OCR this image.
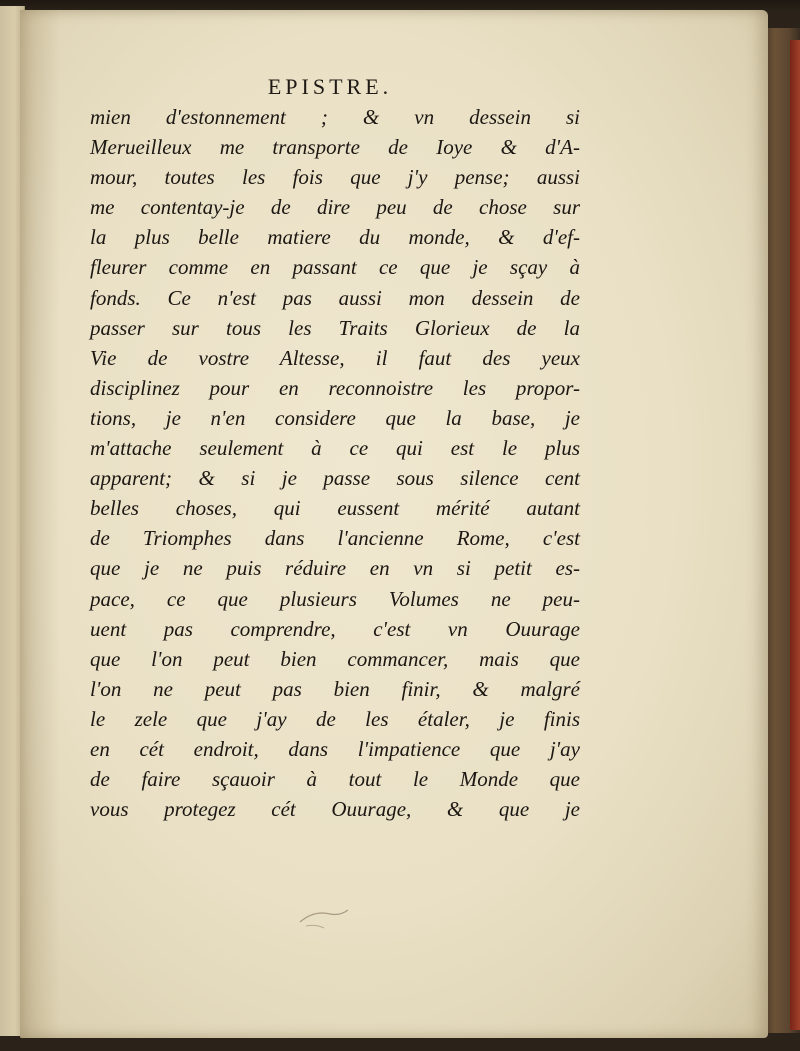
EPISTRE.
mien d'estonnement ; & vn dessein si
Merueilleux me transporte de Ioye & d'A-
mour, toutes les fois que j'y pense; aussi
me contentay-je de dire peu de chose sur
la plus belle matiere du monde, & d'ef-
fleurer comme en passant ce que je sçay à
fonds. Ce n'est pas aussi mon dessein de
passer sur tous les Traits Glorieux de la
Vie de vostre Altesse, il faut des yeux
disciplinez pour en reconnoistre les propor-
tions, je n'en considere que la base, je
m'attache seulement à ce qui est le plus
apparent; & si je passe sous silence cent
belles choses, qui eussent mérité autant
de Triomphes dans l'ancienne Rome, c'est
que je ne puis réduire en vn si petit es-
pace, ce que plusieurs Volumes ne peu-
uent pas comprendre, c'est vn Ouurage
que l'on peut bien commancer, mais que
l'on ne peut pas bien finir, & malgré
le zele que j'ay de les étaler, je finis
en cét endroit, dans l'impatience que j'ay
de faire sçauoir à tout le Monde que
vous protegez cét Ouurage, & que je
